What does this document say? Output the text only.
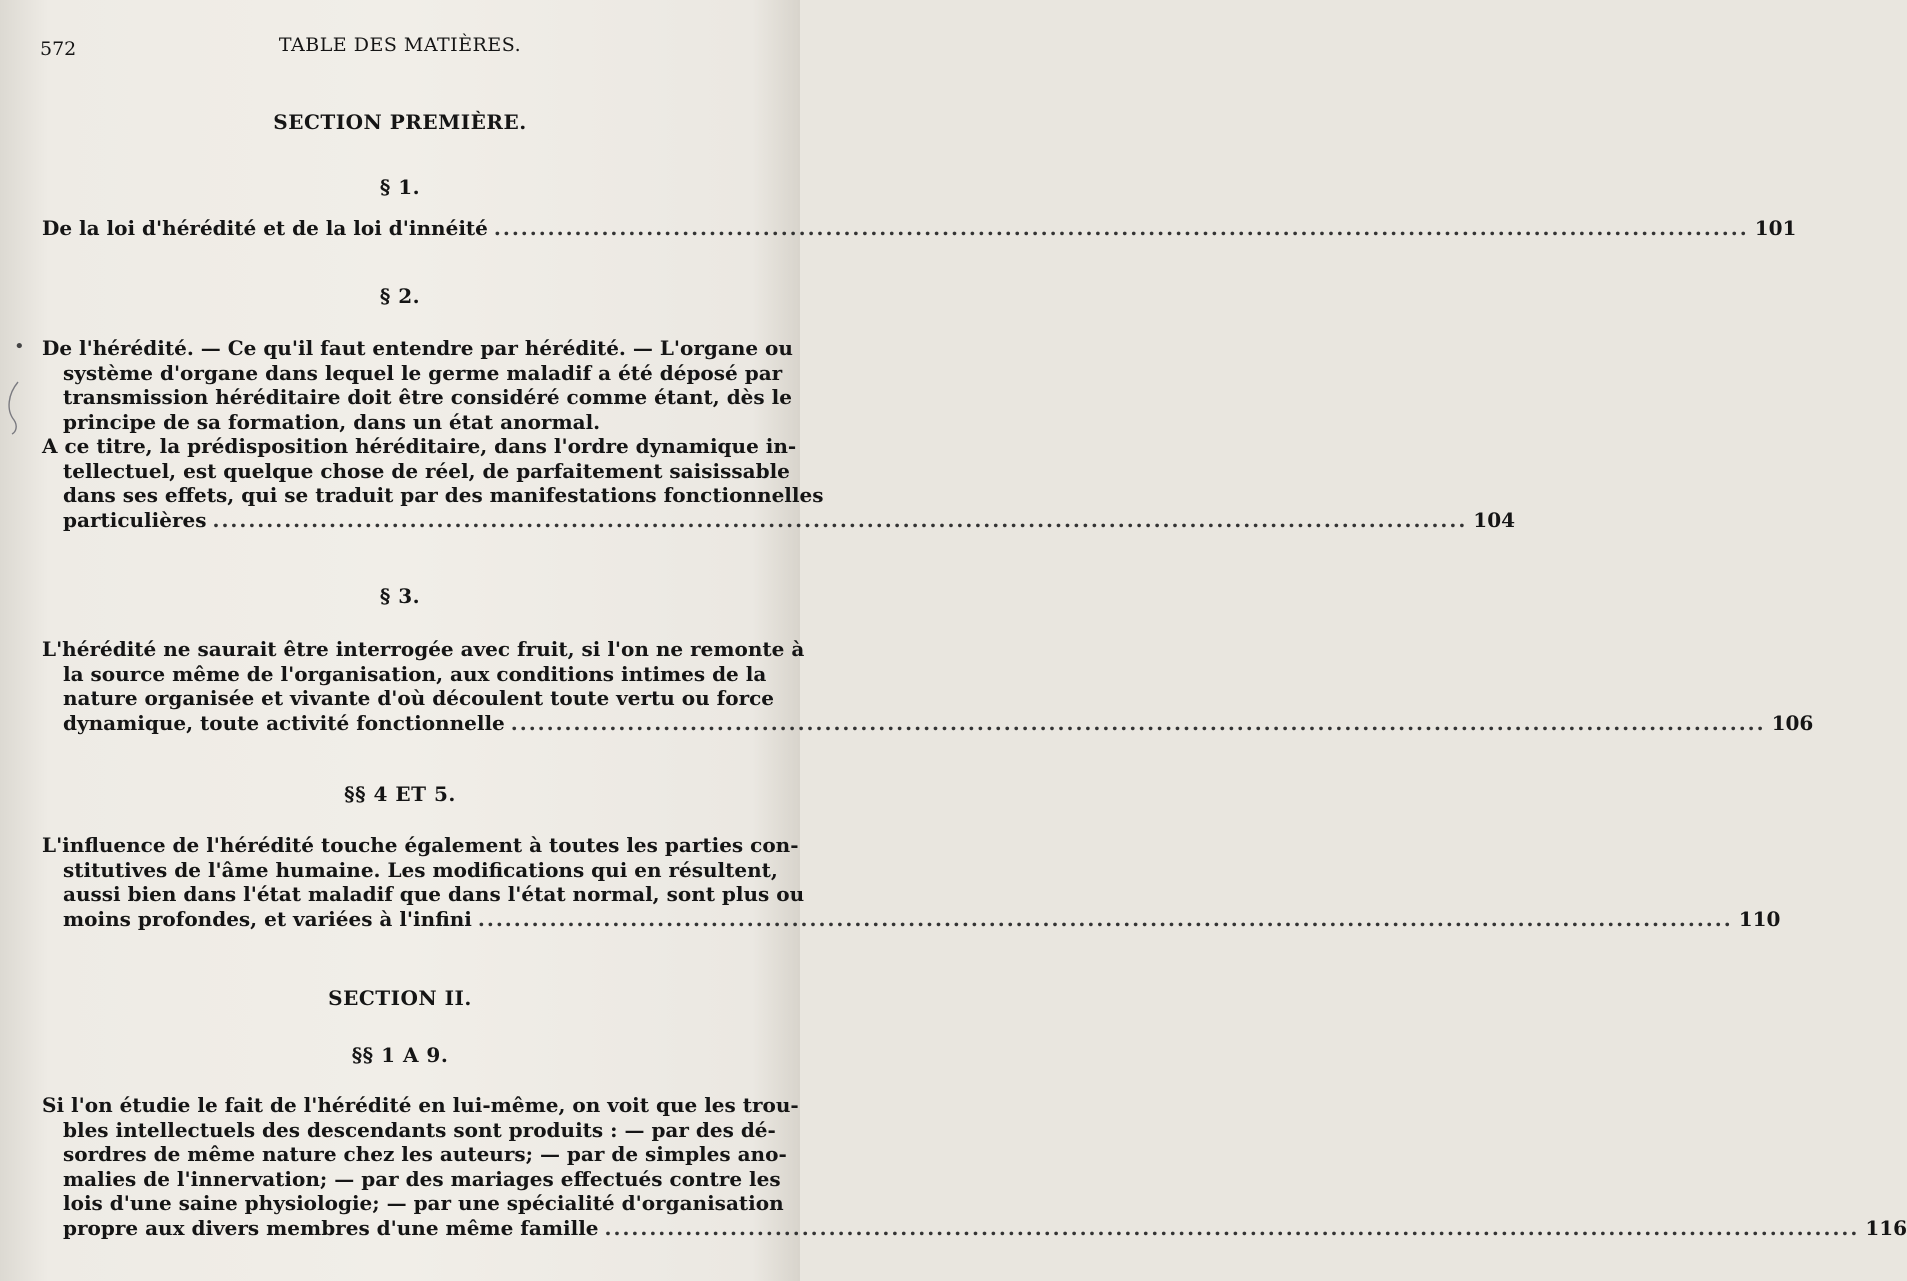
572	TABLE DES MATIÈRES.
SECTION PREMIÈRE.
§ 1.
De la loi d'hérédité et de la loi d'innéité ............................................................................................................................................ 101
§ 2.
• De l'hérédité. — Ce qu'il faut entendre par hérédité. — L'organe ou
système d'organe dans lequel le germe maladif a été déposé par
transmission héréditaire doit être considéré comme étant, dès le
principe de sa formation, dans un état anormal.
A ce titre, la prédisposition héréditaire, dans l'ordre dynamique in-
tellectuel, est quelque chose de réel, de parfaitement saisissable
dans ses effets, qui se traduit par des manifestations fonctionnelles
particulières ............................................................................................................................................ 104
§ 3.
L'hérédité ne saurait être interrogée avec fruit, si l'on ne remonte à
la source même de l'organisation, aux conditions intimes de la
nature organisée et vivante d'où découlent toute vertu ou force
dynamique, toute activité fonctionnelle ............................................................................................................................................ 106
§§ 4 ET 5.
L'influence de l'hérédité touche également à toutes les parties con-
stitutives de l'âme humaine. Les modifications qui en résultent,
aussi bien dans l'état maladif que dans l'état normal, sont plus ou
moins profondes, et variées à l'infini ............................................................................................................................................ 110
SECTION II.
§§ 1 A 9.
Si l'on étudie le fait de l'hérédité en lui-même, on voit que les trou-
bles intellectuels des descendants sont produits : — par des dé-
sordres de même nature chez les auteurs; — par de simples ano-
malies de l'innervation; — par des mariages effectués contre les
lois d'une saine physiologie; — par une spécialité d'organisation
propre aux divers membres d'une même famille ............................................................................................................................................ 116
